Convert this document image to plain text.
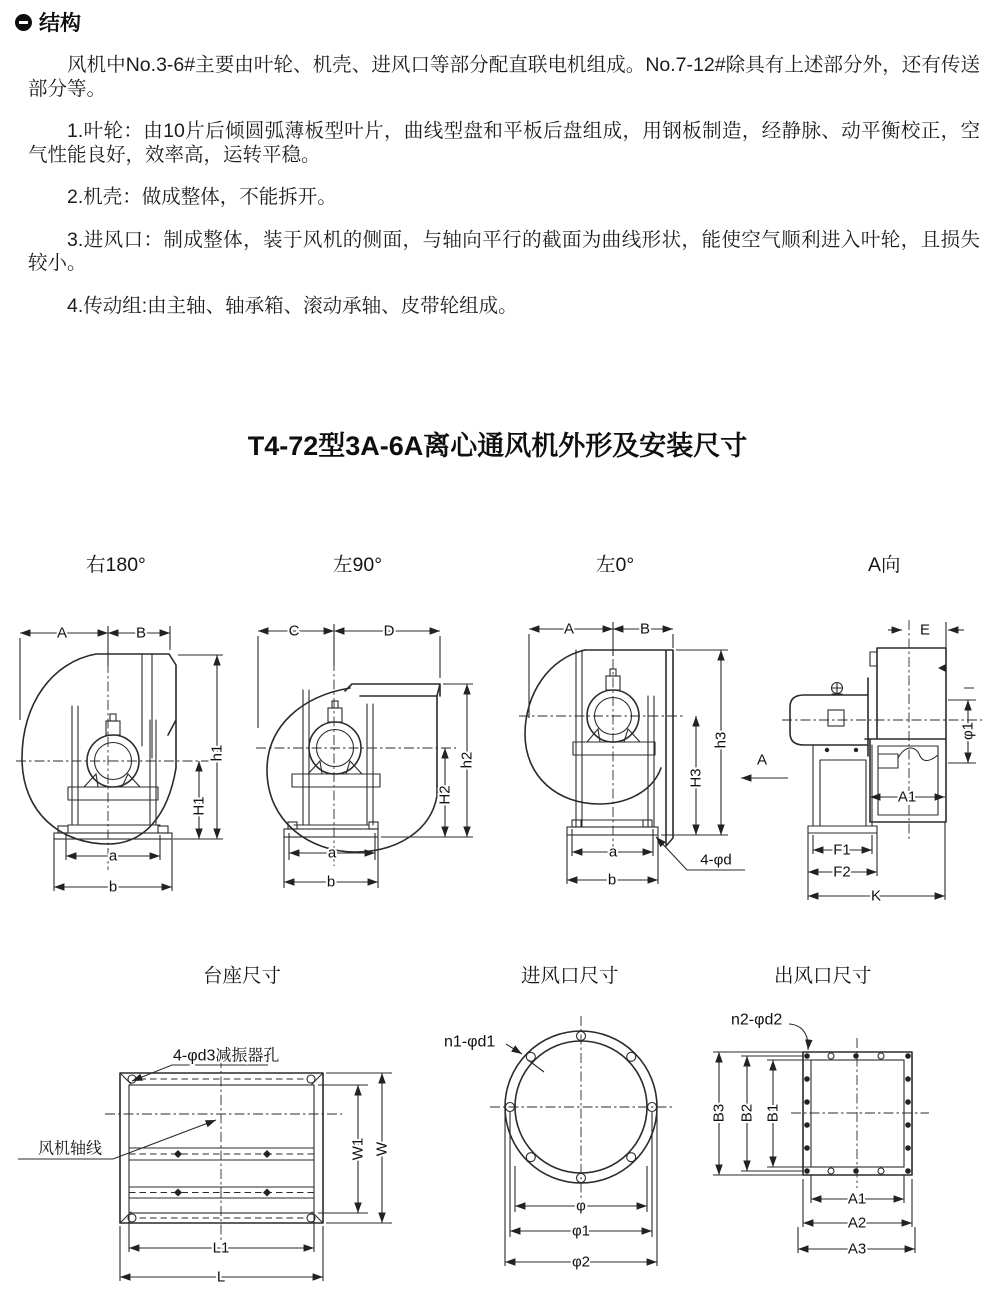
结构

风机中No.3-6#主要由叶轮、机壳、进风口等部分配直联电机组成。No.7-12#除具有上述部分外，还有传送部分等。

1.叶轮：由10片后倾圆弧薄板型叶片，曲线型盘和平板后盘组成，用钢板制造，经静脉、动平衡校正，空气性能良好，效率高，运转平稳。

2.机壳：做成整体，不能拆开。

3.进风口：制成整体，装于风机的侧面，与轴向平行的截面为曲线形状，能使空气顺利进入叶轮，且损失较小。

4.传动组:由主轴、轴承箱、滚动承轴、皮带轮组成。

T4-72型3A-6A离心通风机外形及安装尺寸
右180°	左90°	左0°	A向
A	B
h1
H1
a
b
C	D
h2
H2
a
b
A	B
h3
H3
a
b
4-φd
A
E
φ1
A1
F1
F2
K
台座尺寸	进风口尺寸	出风口尺寸
4-φd3减振器孔
风机轴线	W1 W
L1
L
n1-φd1
φ
φ1
φ2
n2-φd2
B1
B2
B3
A1
A2
A3
